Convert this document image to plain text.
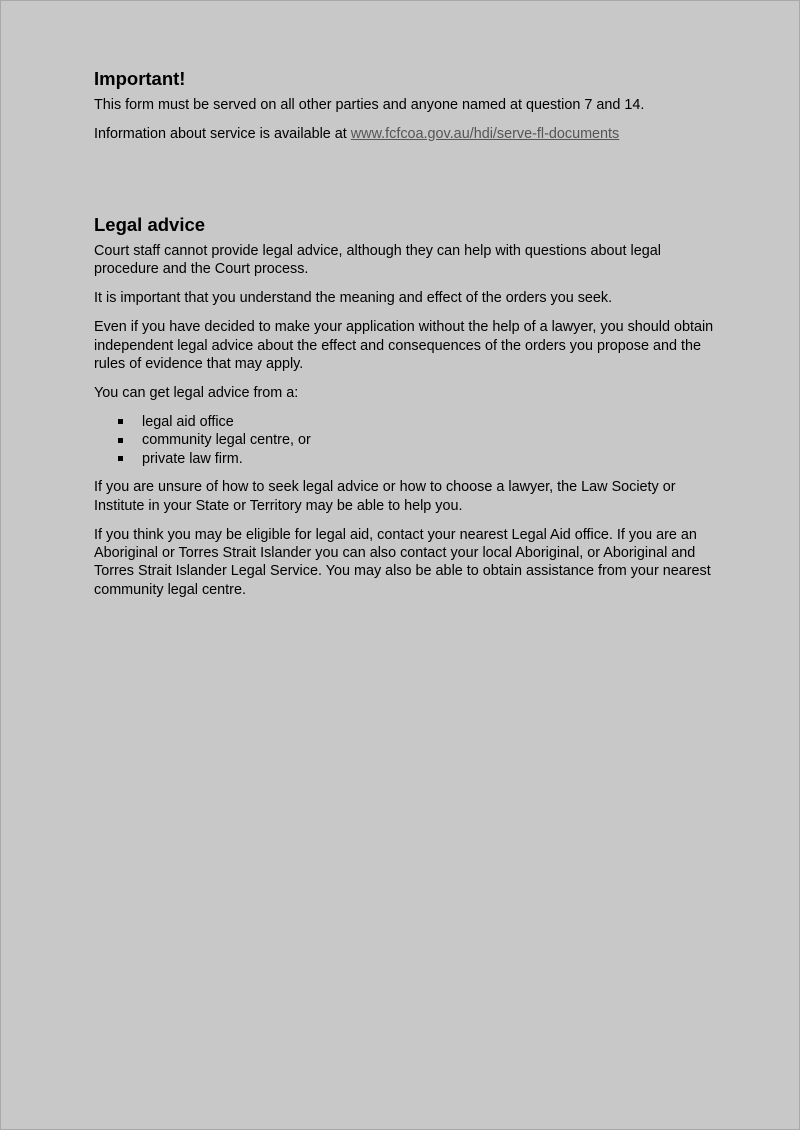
Important!

This form must be served on all other parties and anyone named at question 7 and 14.

Information about service is available at www.fcfcoa.gov.au/hdi/serve-fl-documents

Legal advice

Court staff cannot provide legal advice, although they can help with questions about legal procedure and the Court process.

It is important that you understand the meaning and effect of the orders you seek.

Even if you have decided to make your application without the help of a lawyer, you should obtain independent legal advice about the effect and consequences of the orders you propose and the rules of evidence that may apply.

You can get legal advice from a:

legal aid office
community legal centre, or
private law firm.

If you are unsure of how to seek legal advice or how to choose a lawyer, the Law Society or Institute in your State or Territory may be able to help you.

If you think you may be eligible for legal aid, contact your nearest Legal Aid office. If you are an Aboriginal or Torres Strait Islander you can also contact your local Aboriginal, or Aboriginal and Torres Strait Islander Legal Service. You may also be able to obtain assistance from your nearest community legal centre.
